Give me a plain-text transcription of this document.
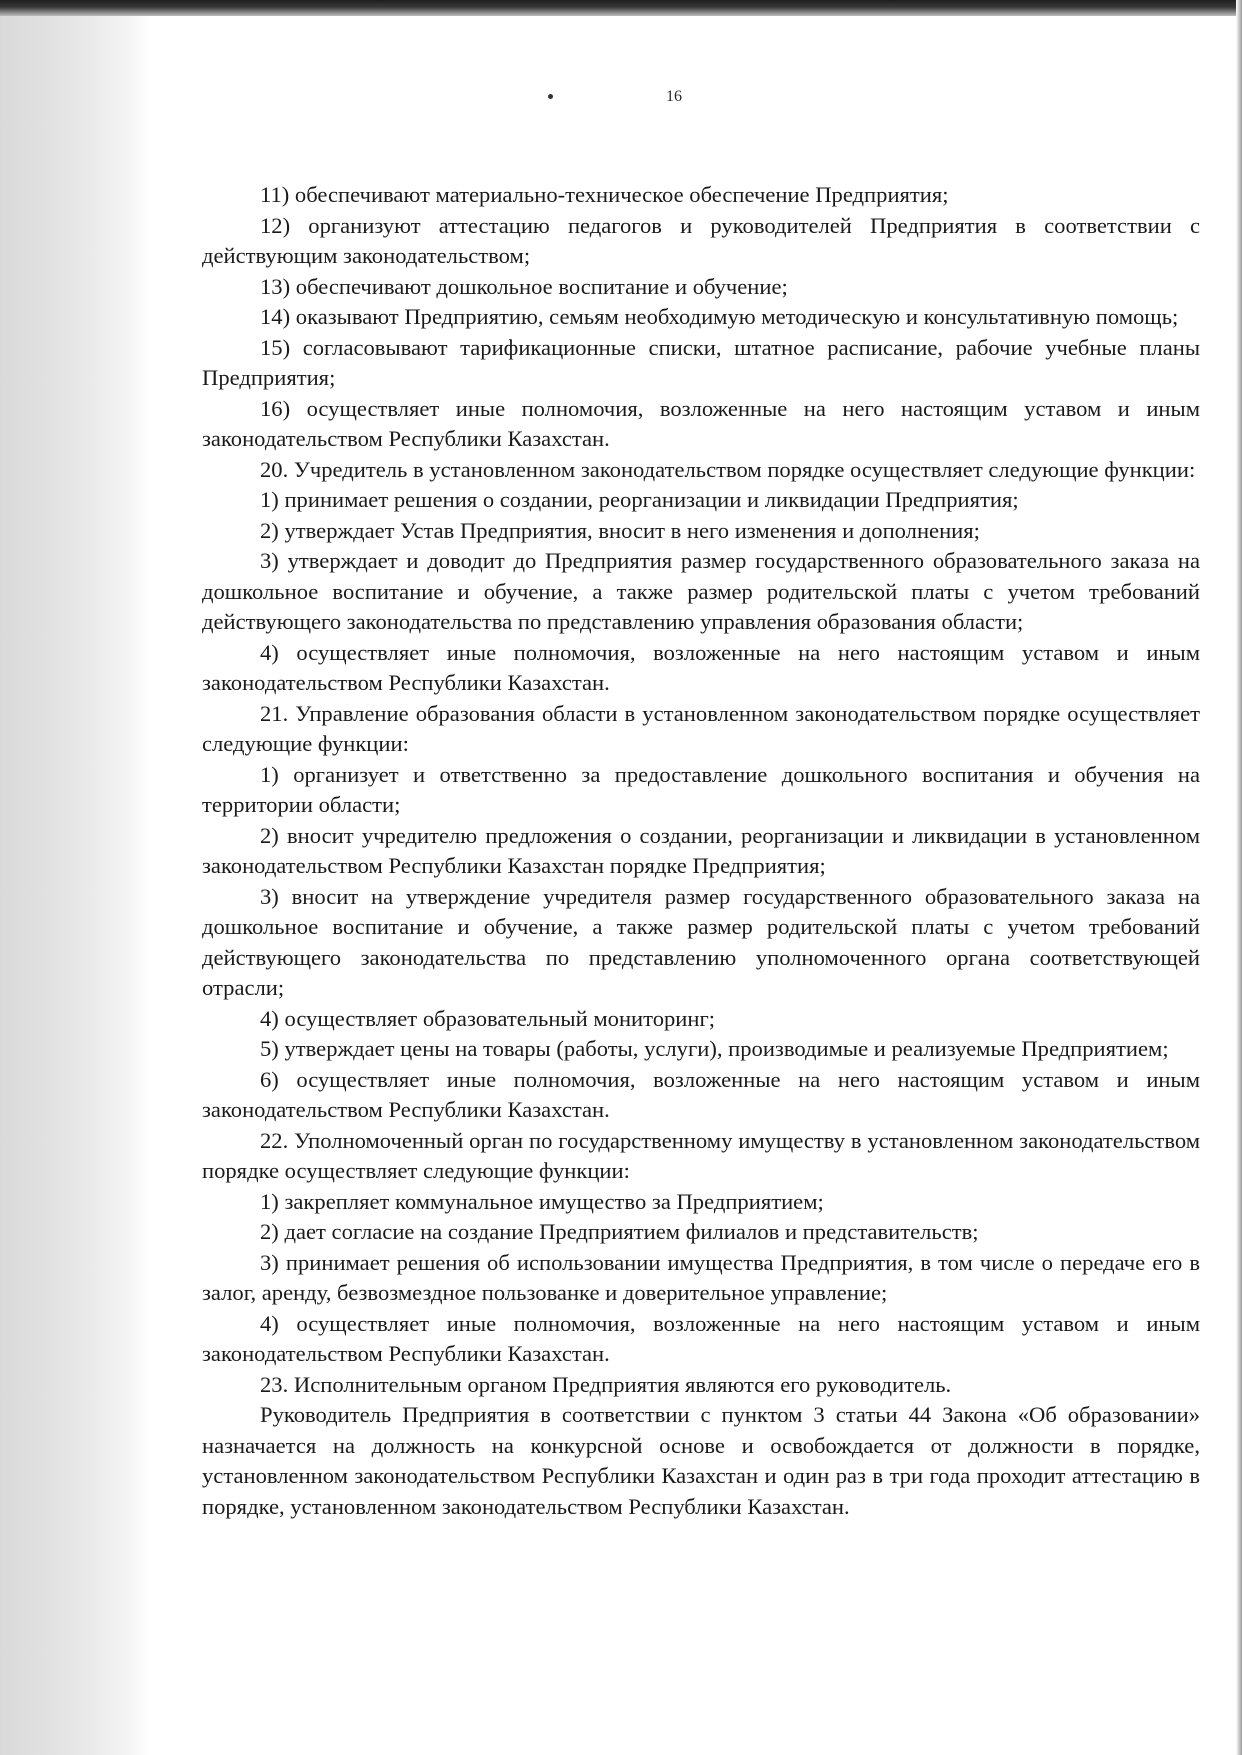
16

11) обеспечивают материально-техническое обеспечение Предприятия;

12) организуют аттестацию педагогов и руководителей Предприятия в соответствии с действующим законодательством;

13) обеспечивают дошкольное воспитание и обучение;

14) оказывают Предприятию, семьям необходимую методическую и консультативную помощь;

15) согласовывают тарификационные списки, штатное расписание, рабочие учебные планы Предприятия;

16) осуществляет иные полномочия, возложенные на него настоящим уставом и иным законодательством Республики Казахстан.

20. Учредитель в установленном законодательством порядке осуществляет следующие функции:

1) принимает решения о создании, реорганизации и ликвидации Предприятия;

2) утверждает Устав Предприятия, вносит в него изменения и дополнения;

3) утверждает и доводит до Предприятия размер государственного образовательного заказа на дошкольное воспитание и обучение, а также размер родительской платы с учетом требований действующего законодательства по представлению управления образования области;

4) осуществляет иные полномочия, возложенные на него настоящим уставом и иным законодательством Республики Казахстан.

21. Управление образования области в установленном законодательством порядке осуществляет следующие функции:

1) организует и ответственно за предоставление дошкольного воспитания и обучения на территории области;

2) вносит учредителю предложения о создании, реорганизации и ликвидации в установленном законодательством Республики Казахстан порядке Предприятия;

3) вносит на утверждение учредителя размер государственного образовательного заказа на дошкольное воспитание и обучение, а также размер родительской платы с учетом требований действующего законодательства по представлению уполномоченного органа соответствующей отрасли;

4) осуществляет образовательный мониторинг;

5) утверждает цены на товары (работы, услуги), производимые и реализуемые Предприятием;

6) осуществляет иные полномочия, возложенные на него настоящим уставом и иным законодательством Республики Казахстан.

22. Уполномоченный орган по государственному имуществу в установленном законодательством порядке осуществляет следующие функции:

1) закрепляет коммунальное имущество за Предприятием;

2) дает согласие на создание Предприятием филиалов и представительств;

3) принимает решения об использовании имущества Предприятия, в том числе о передаче его в залог, аренду, безвозмездное пользованке и доверительное управление;

4) осуществляет иные полномочия, возложенные на него настоящим уставом и иным законодательством Республики Казахстан.

23. Исполнительным органом Предприятия являются его руководитель.

Руководитель Предприятия в соответствии с пунктом 3 статьи 44 Закона «Об образовании» назначается на должность на конкурсной основе и освобождается от должности в порядке, установленном законодательством Республики Казахстан и один раз в три года проходит аттестацию в порядке, установленном законодательством Республики Казахстан.
